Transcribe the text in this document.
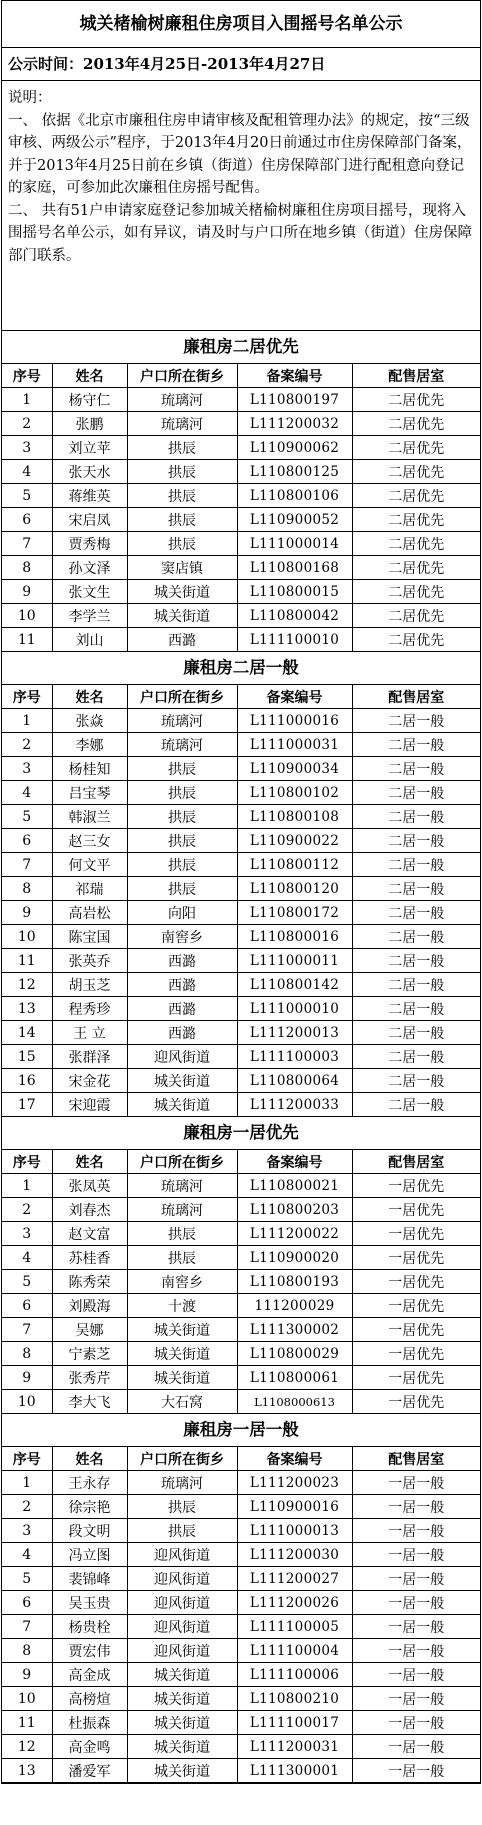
城关楮榆树廉租住房项目入围摇号名单公示
公示时间：2013年4月25日-2013年4月27日

说明：

一、 依据《北京市廉租住房申请审核及配租管理办法》的规定，按“三级审核、两级公示”程序，于2013年4月20日前通过市住房保障部门备案，并于2013年4月25日前在乡镇（街道）住房保障部门进行配租意向登记的家庭，可参加此次廉租住房摇号配售。

二、 共有51户申请家庭登记参加城关楮榆树廉租住房项目摇号，现将入围摇号名单公示，如有异议，请及时与户口所在地乡镇（街道）住房保障部门联系。

廉租房二居优先
序号	姓名	户口所在街乡	备案编号	配售居室
1	杨守仁	琉璃河	L110800197	二居优先
2	张鹏	琉璃河	L111200032	二居优先
3	刘立苹	拱辰	L110900062	二居优先
4	张天水	拱辰	L110800125	二居优先
5	蒋维英	拱辰	L110800106	二居优先
6	宋启凤	拱辰	L110900052	二居优先
7	贾秀梅	拱辰	L111000014	二居优先
8	孙文泽	窦店镇	L110800168	二居优先
9	张文生	城关街道	L110800015	二居优先
10	李学兰	城关街道	L110800042	二居优先
11	刘山	西潞	L111100010	二居优先
廉租房二居一般
序号	姓名	户口所在街乡	备案编号	配售居室
1	张焱	琉璃河	L111000016	二居一般
2	李娜	琉璃河	L111000031	二居一般
3	杨桂知	拱辰	L110900034	二居一般
4	吕宝琴	拱辰	L110800102	二居一般
5	韩淑兰	拱辰	L110800108	二居一般
6	赵三女	拱辰	L110900022	二居一般
7	何文平	拱辰	L110800112	二居一般
8	祁瑞	拱辰	L110800120	二居一般
9	高岩松	向阳	L110800172	二居一般
10	陈宝国	南窖乡	L110800016	二居一般
11	张英乔	西潞	L111000011	二居一般
12	胡玉芝	西潞	L110800142	二居一般
13	程秀珍	西潞	L111000010	二居一般
14	王 立	西潞	L111200013	二居一般
15	张群泽	迎风街道	L111100003	二居一般
16	宋金花	城关街道	L110800064	二居一般
17	宋迎霞	城关街道	L111200033	二居一般
廉租房一居优先
序号	姓名	户口所在街乡	备案编号	配售居室
1	张凤英	琉璃河	L110800021	一居优先
2	刘春杰	琉璃河	L110800203	一居优先
3	赵文富	拱辰	L111200022	一居优先
4	苏桂香	拱辰	L110900020	一居优先
5	陈秀荣	南窖乡	L110800193	一居优先
6	刘殿海	十渡	111200029	一居优先
7	吴娜	城关街道	L111300002	一居优先
8	宁素芝	城关街道	L110800029	一居优先
9	张秀芹	城关街道	L110800061	一居优先
10	李大飞	大石窝	L1108000613	一居优先
廉租房一居一般
序号	姓名	户口所在街乡	备案编号	配售居室
1	王永存	琉璃河	L111200023	一居一般
2	徐宗艳	拱辰	L110900016	一居一般
3	段文明	拱辰	L111000013	一居一般
4	冯立图	迎风街道	L111200030	一居一般
5	裴锦峰	迎风街道	L111200027	一居一般
6	吴玉贵	迎风街道	L111200026	一居一般
7	杨贵栓	迎风街道	L111100005	一居一般
8	贾宏伟	迎风街道	L111100004	一居一般
9	高金成	城关街道	L111100006	一居一般
10	高榜煊	城关街道	L110800210	一居一般
11	杜振森	城关街道	L111100017	一居一般
12	高金鸣	城关街道	L111200031	一居一般
13	潘爱军	城关街道	L111300001	一居一般
